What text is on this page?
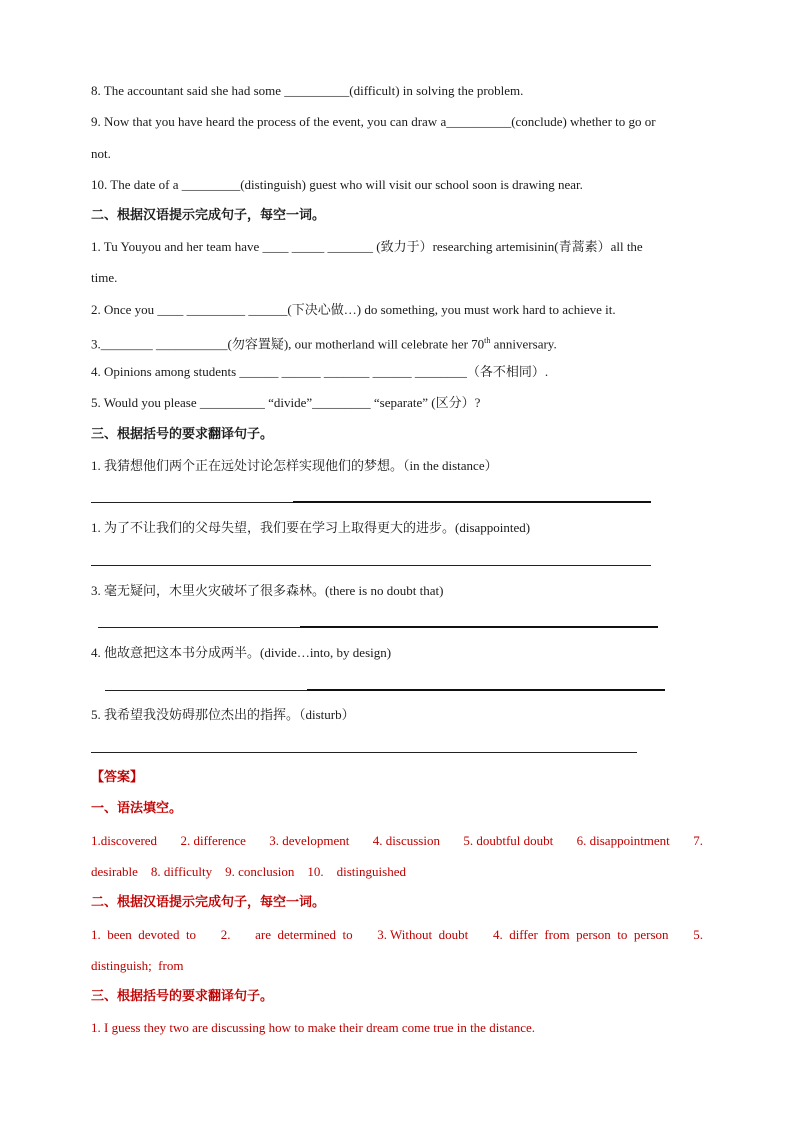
8. The accountant said she had some __________(difficult) in solving the problem.
9. Now that you have heard the process of the event, you can draw a__________(conclude) whether to go or
not.
10. The date of a _________(distinguish) guest who will visit our school soon is drawing near.
二、根据汉语提示完成句子，每空一词。
1. Tu Youyou and her team have ____ _____ _______ (致力于）researching artemisinin(青蒿素）all the
time.
2. Once you ____ _________ ______(下决心做…) do something, you must work hard to achieve it.
3.________ ___________(勿容置疑), our motherland will celebrate her 70th anniversary.
4. Opinions among students ______ ______ _______ ______ ________（各不相同）.
5. Would you please __________ “divide”_________ “separate” (区分）?
三、根据括号的要求翻译句子。
1. 我猜想他们两个正在远处讨论怎样实现他们的梦想。（in the distance）
1. 为了不让我们的父母失望，我们要在学习上取得更大的进步。(disappointed)
3. 毫无疑问，木里火灾破坏了很多森林。(there is no doubt that)
4. 他故意把这本书分成两半。(divide…into, by design)
5. 我希望我没妨碍那位杰出的指挥。（disturb）
【答案】
一、语法填空。
1.discovered 2. difference 3. development 4. discussion 5. doubtful doubt 6. disappointment 7.
desirable    8. difficulty    9. conclusion    10.    distinguished
二、根据汉语提示完成句子，每空一词。
1.  been  devoted  to 2. are  determined  to 3. Without  doubt 4.  differ  from  person  to  person 5.
distinguish;  from
三、根据括号的要求翻译句子。
1. I guess they two are discussing how to make their dream come true in the distance.
